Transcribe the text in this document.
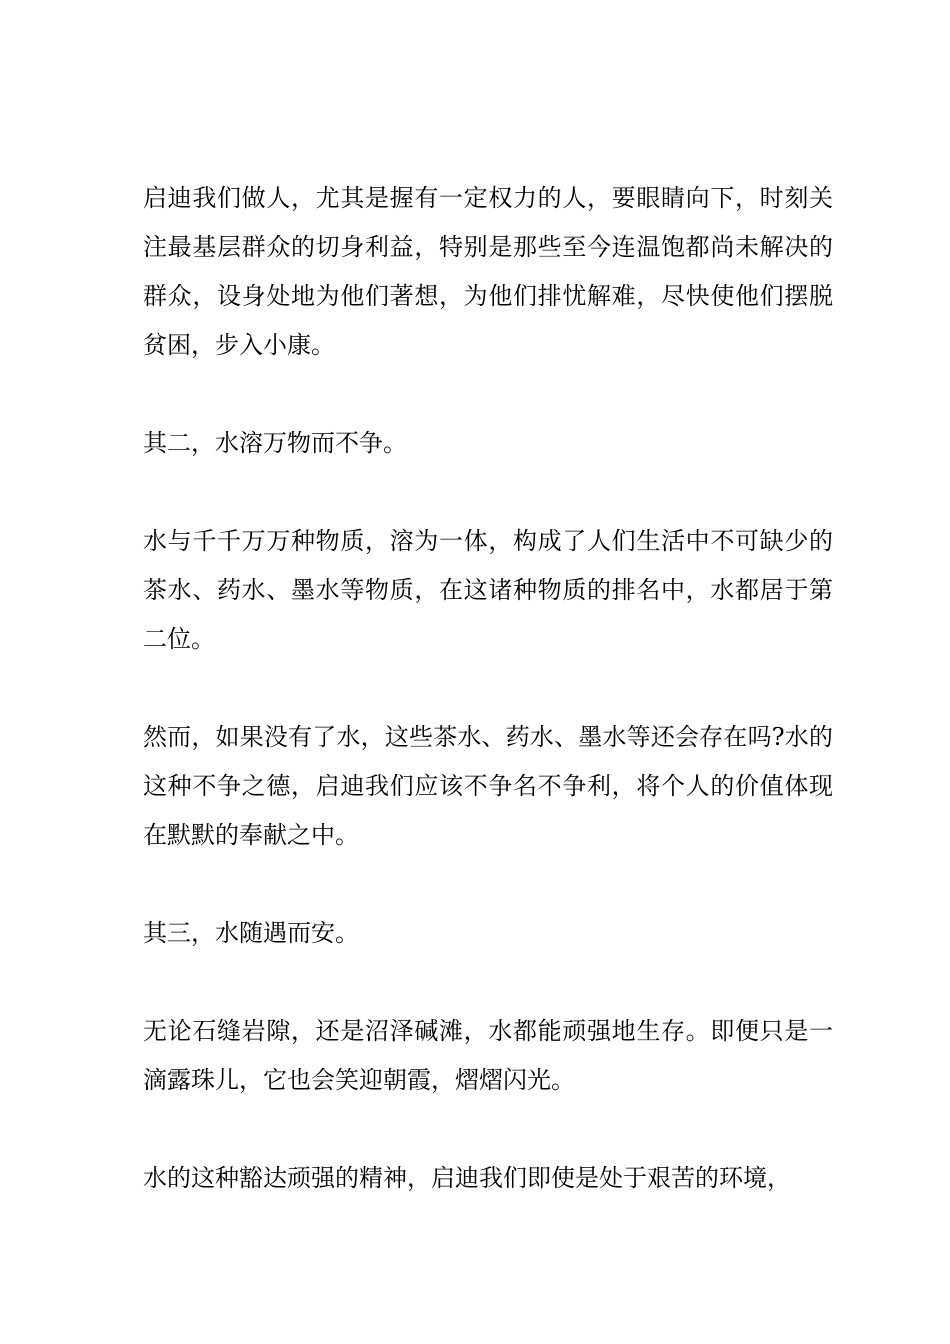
启迪我们做人，尤其是握有一定权力的人，要眼睛向下，时刻关注最基层群众的切身利益，特别是那些至今连温饱都尚未解决的群众，设身处地为他们著想，为他们排忧解难，尽快使他们摆脱贫困，步入小康。

其二，水溶万物而不争。

水与千千万万种物质，溶为一体，构成了人们生活中不可缺少的茶水、药水、墨水等物质，在这诸种物质的排名中，水都居于第二位。

然而，如果没有了水，这些茶水、药水、墨水等还会存在吗?水的这种不争之德，启迪我们应该不争名不争利，将个人的价值体现在默默的奉献之中。

其三，水随遇而安。

无论石缝岩隙，还是沼泽碱滩，水都能顽强地生存。即便只是一滴露珠儿，它也会笑迎朝霞，熠熠闪光。

水的这种豁达顽强的精神，启迪我们即使是处于艰苦的环境，
